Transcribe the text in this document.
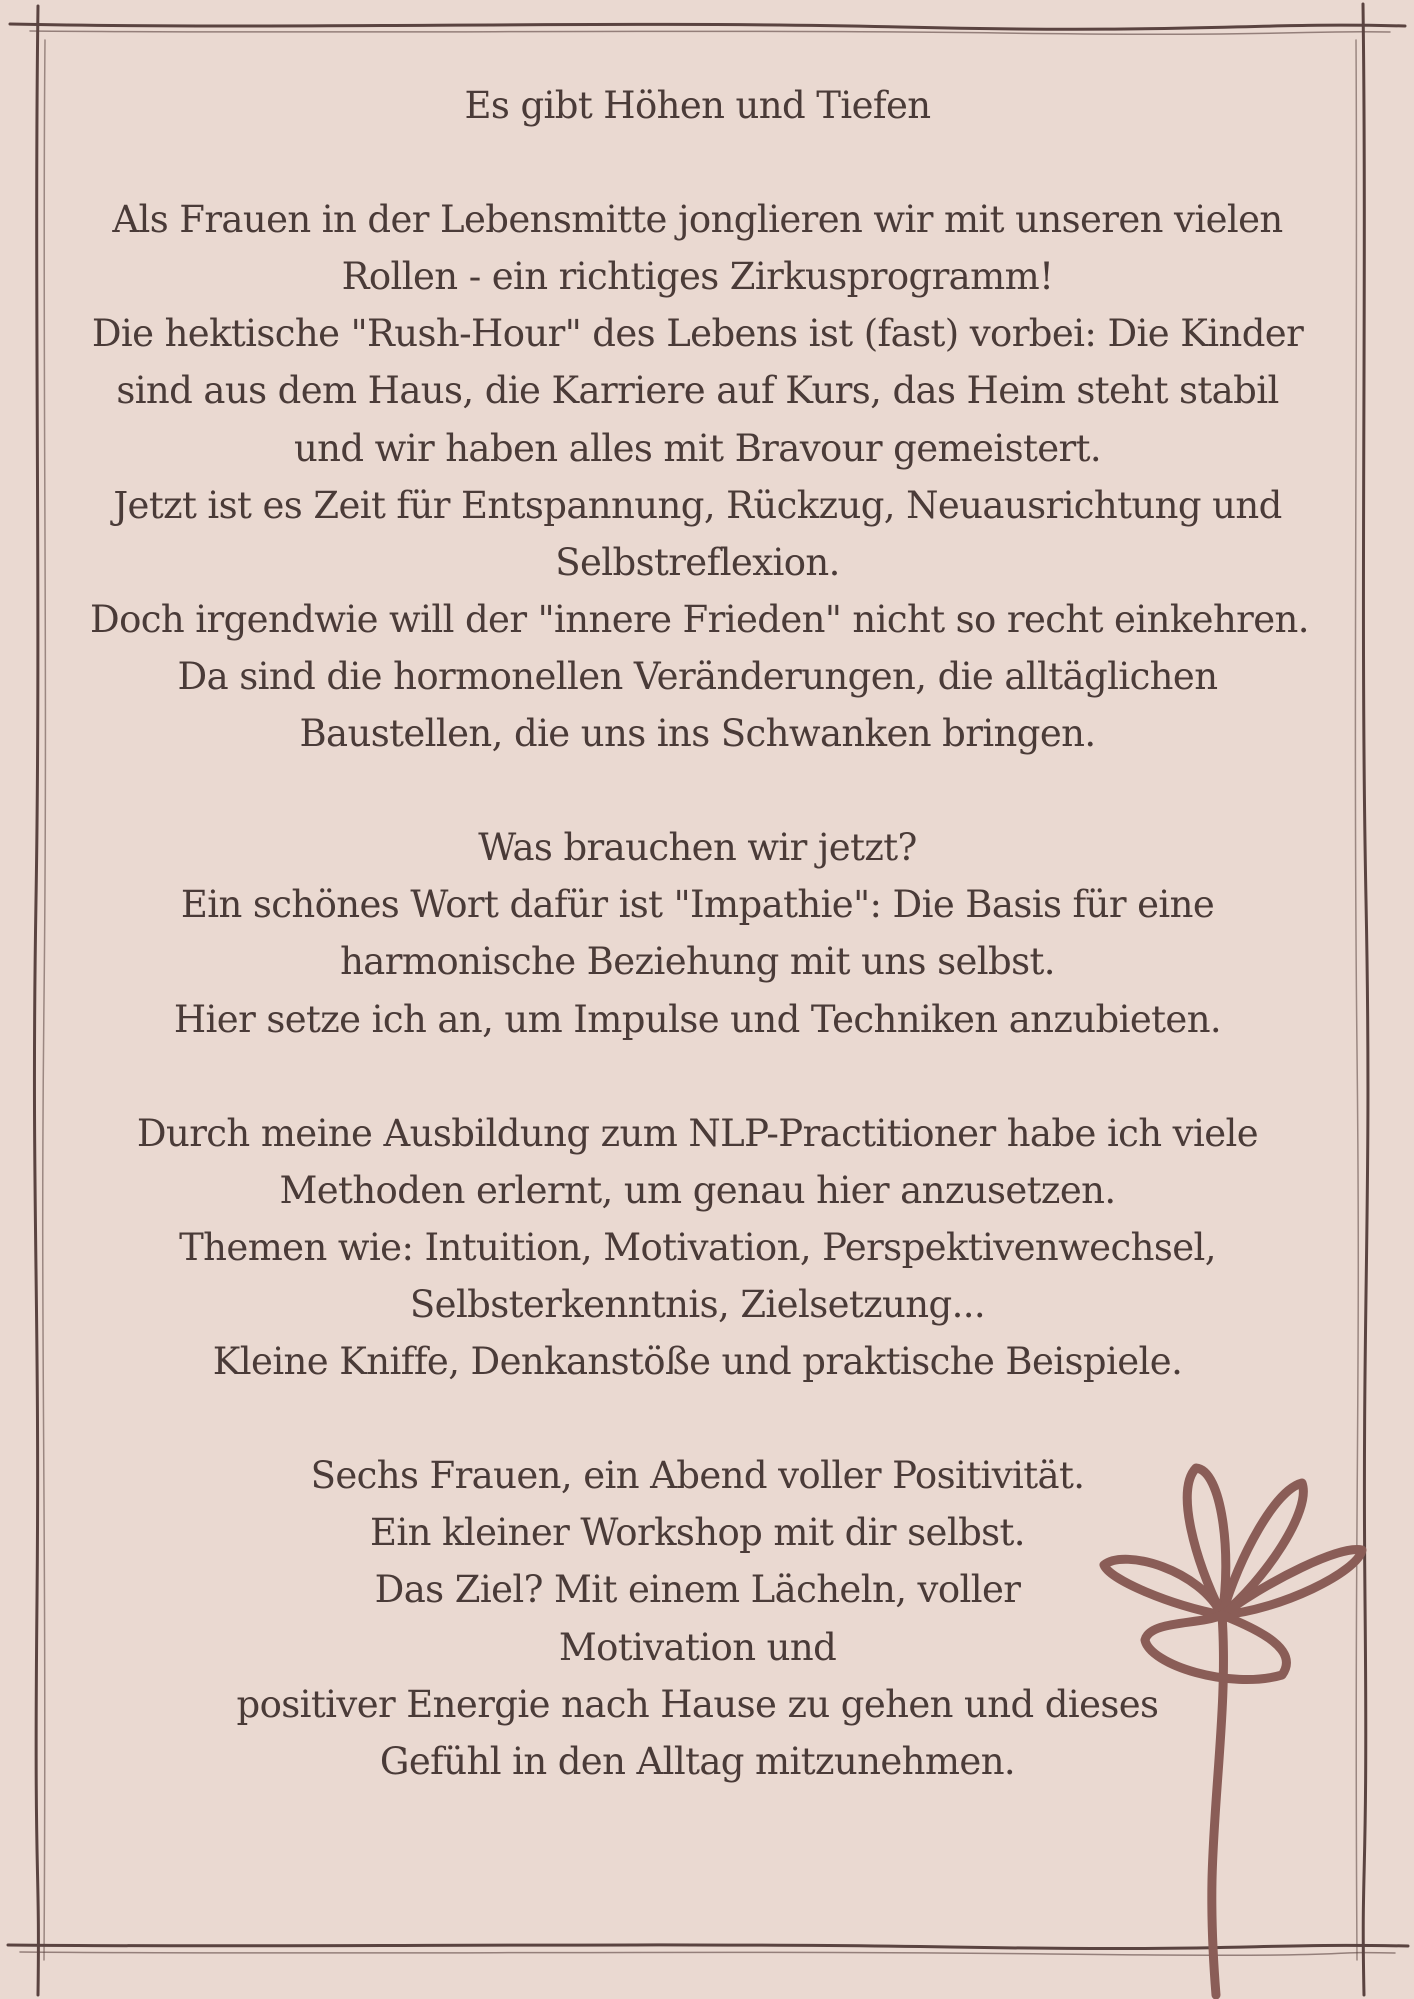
Es gibt Höhen und Tiefen
Als Frauen in der Lebensmitte jonglieren wir mit unseren vielen
Rollen - ein richtiges Zirkusprogramm!
Die hektische "Rush-Hour" des Lebens ist (fast) vorbei: Die Kinder
sind aus dem Haus, die Karriere auf Kurs, das Heim steht stabil
und wir haben alles mit Bravour gemeistert.
Jetzt ist es Zeit für Entspannung, Rückzug, Neuausrichtung und
Selbstreflexion.
Doch irgendwie will der "innere Frieden" nicht so recht einkehren.
Da sind die hormonellen Veränderungen, die alltäglichen
Baustellen, die uns ins Schwanken bringen.
Was brauchen wir jetzt?
Ein schönes Wort dafür ist "Impathie": Die Basis für eine
harmonische Beziehung mit uns selbst.
Hier setze ich an, um Impulse und Techniken anzubieten.
Durch meine Ausbildung zum NLP-Practitioner habe ich viele
Methoden erlernt, um genau hier anzusetzen.
Themen wie: Intuition, Motivation, Perspektivenwechsel,
Selbsterkenntnis, Zielsetzung...
Kleine Kniffe, Denkanstöße und praktische Beispiele.
Sechs Frauen, ein Abend voller Positivität.
Ein kleiner Workshop mit dir selbst.
Das Ziel? Mit einem Lächeln, voller
Motivation und
positiver Energie nach Hause zu gehen und dieses
Gefühl in den Alltag mitzunehmen.
